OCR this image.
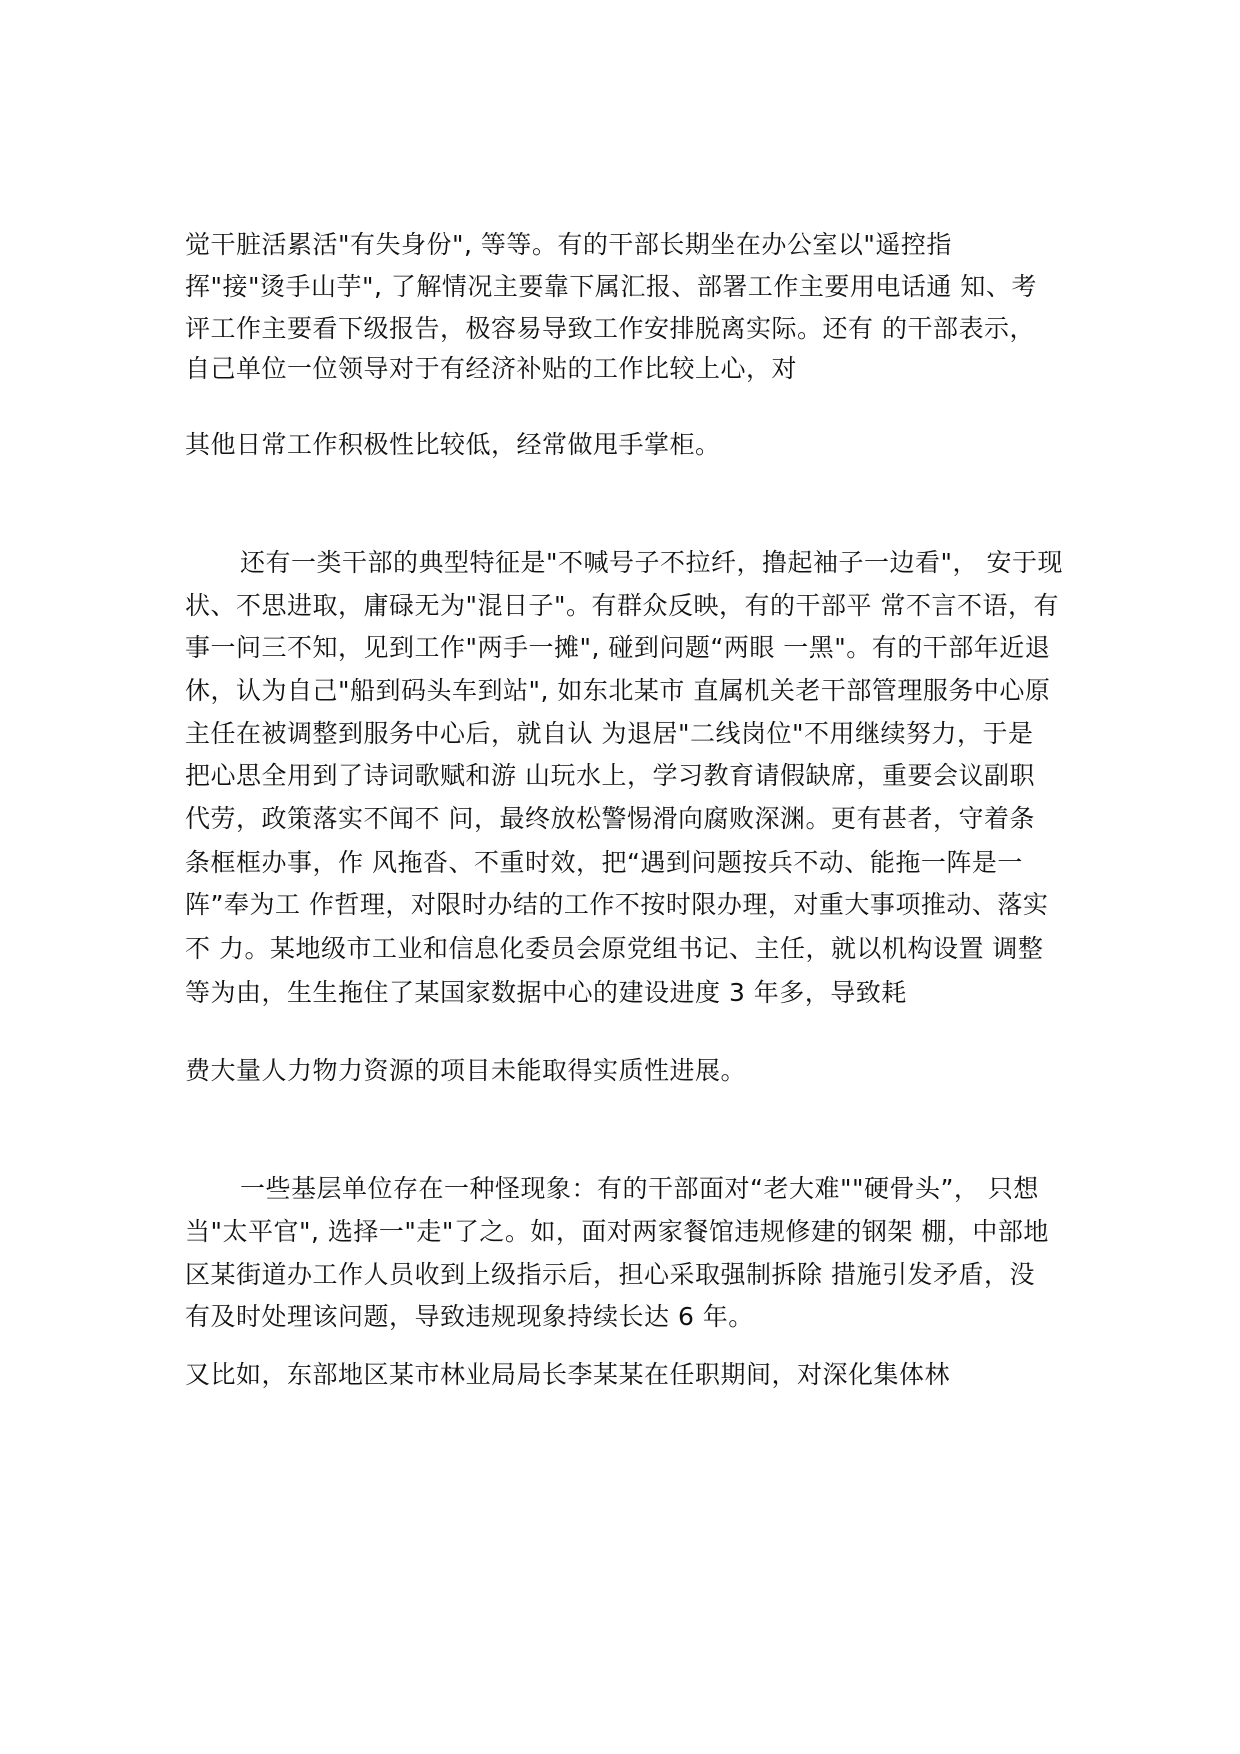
觉干脏活累活"有失身份", 等等。有的干部长期坐在办公室以"遥控指
挥"接"烫手山芋", 了解情况主要靠下属汇报、部署工作主要用电话通 知、考
评工作主要看下级报告，极容易导致工作安排脱离实际。还有 的干部表示，
自己单位一位领导对于有经济补贴的工作比较上心，对
其他日常工作积极性比较低，经常做甩手掌柜。
还有一类干部的典型特征是"不喊号子不拉纤，撸起袖子一边看"， 安于现
状、不思进取，庸碌无为"混日子"。有群众反映，有的干部平 常不言不语，有
事一问三不知，见到工作"两手一摊", 碰到问题“两眼 一黑"。有的干部年近退
休，认为自己"船到码头车到站", 如东北某市 直属机关老干部管理服务中心原
主任在被调整到服务中心后，就自认 为退居"二线岗位"不用继续努力，于是
把心思全用到了诗词歌赋和游 山玩水上，学习教育请假缺席，重要会议副职
代劳，政策落实不闻不 问，最终放松警惕滑向腐败深渊。更有甚者，守着条
条框框办事，作 风拖沓、不重时效，把“遇到问题按兵不动、能拖一阵是一
阵”奉为工 作哲理，对限时办结的工作不按时限办理，对重大事项推动、落实
不 力。某地级市工业和信息化委员会原党组书记、主任，就以机构设置 调整
等为由，生生拖住了某国家数据中心的建设进度 3 年多，导致耗
费大量人力物力资源的项目未能取得实质性进展。
一些基层单位存在一种怪现象：有的干部面对“老大难""硬骨头”， 只想
当"太平官", 选择一"走"了之。如，面对两家餐馆违规修建的钢架 棚，中部地
区某街道办工作人员收到上级指示后，担心采取强制拆除 措施引发矛盾，没
有及时处理该问题，导致违规现象持续长达 6 年。
又比如，东部地区某市林业局局长李某某在任职期间，对深化集体林
